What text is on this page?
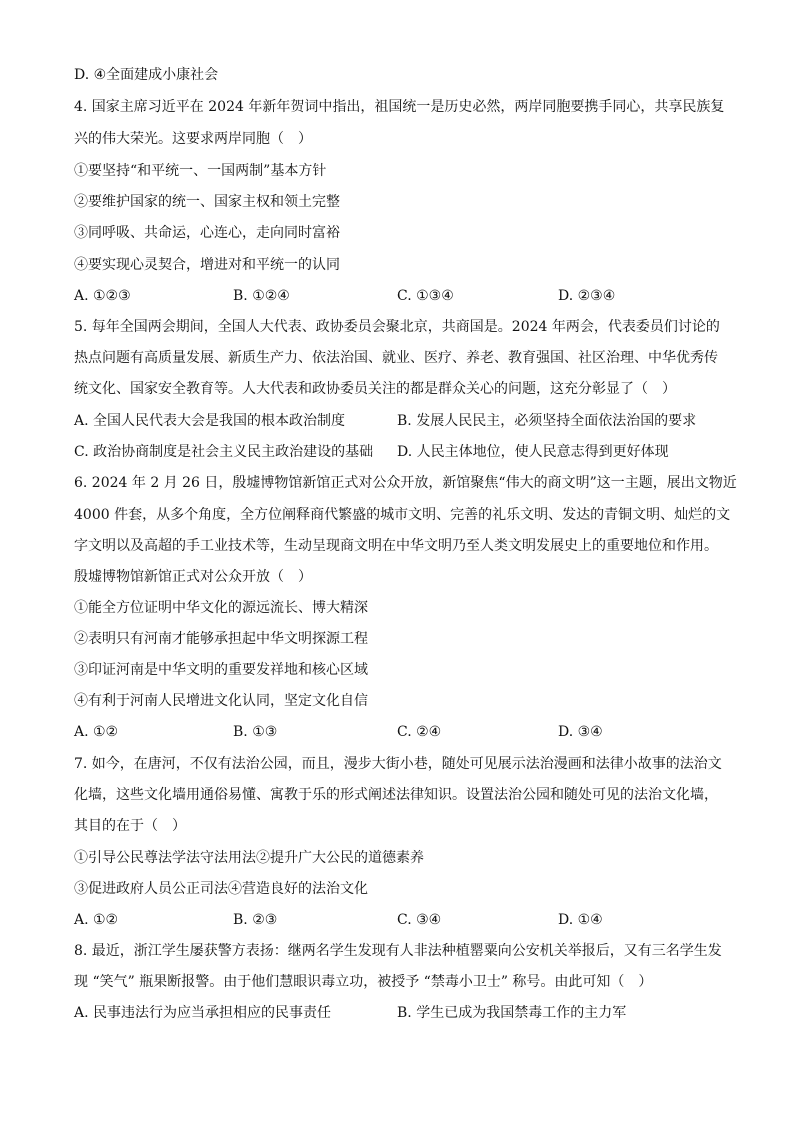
D. ④全面建成小康社会
4. 国家主席习近平在 2024 年新年贺词中指出，祖国统一是历史必然，两岸同胞要携手同心，共享民族复
兴的伟大荣光。这要求两岸同胞（　）
①要坚持“和平统一、一国两制”基本方针
②要维护国家的统一、国家主权和领土完整
③同呼吸、共命运，心连心，走向同时富裕
④要实现心灵契合，增进对和平统一的认同
A. ①②③	B. ①②④	C. ①③④	D. ②③④
5. 每年全国两会期间，全国人大代表、政协委员会聚北京，共商国是。2024 年两会，代表委员们讨论的
热点问题有高质量发展、新质生产力、依法治国、就业、医疗、养老、教育强国、社区治理、中华优秀传
统文化、国家安全教育等。人大代表和政协委员关注的都是群众关心的问题，这充分彰显了（　）
A. 全国人民代表大会是我国的根本政治制度	B. 发展人民民主，必须坚持全面依法治国的要求
C. 政治协商制度是社会主义民主政治建设的基础 D. 人民主体地位，使人民意志得到更好体现
6. 2024 年 2 月 26 日，殷墟博物馆新馆正式对公众开放，新馆聚焦“伟大的商文明”这一主题，展出文物近
4000 件套，从多个角度，全方位阐释商代繁盛的城市文明、完善的礼乐文明、发达的青铜文明、灿烂的文
字文明以及高超的手工业技术等，生动呈现商文明在中华文明乃至人类文明发展史上的重要地位和作用。
殷墟博物馆新馆正式对公众开放（　）
①能全方位证明中华文化的源远流长、博大精深
②表明只有河南才能够承担起中华文明探源工程
③印证河南是中华文明的重要发祥地和核心区域
④有利于河南人民增进文化认同，坚定文化自信
A. ①②	B. ①③	C. ②④	D. ③④
7. 如今，在唐河，不仅有法治公园，而且，漫步大街小巷，随处可见展示法治漫画和法律小故事的法治文
化墙，这些文化墙用通俗易懂、寓教于乐的形式阐述法律知识。设置法治公园和随处可见的法治文化墙，
其目的在于（　）
①引导公民尊法学法守法用法②提升广大公民的道德素养
③促进政府人员公正司法④营造良好的法治文化
A. ①②	B. ②③	C. ③④	D. ①④
8. 最近，浙江学生屡获警方表扬：继两名学生发现有人非法种植罂粟向公安机关举报后，又有三名学生发
现 “笑气” 瓶果断报警。由于他们慧眼识毒立功，被授予 “禁毒小卫士” 称号。由此可知（　）
A. 民事违法行为应当承担相应的民事责任	B. 学生已成为我国禁毒工作的主力军
